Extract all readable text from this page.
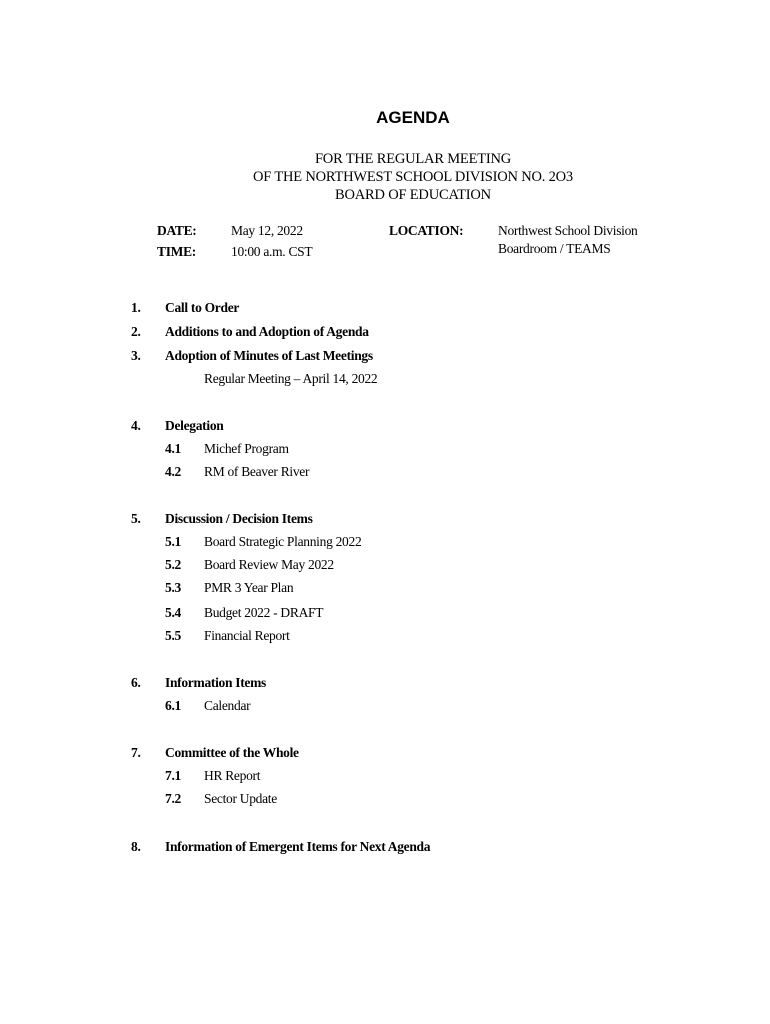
AGENDA
FOR THE REGULAR MEETING
OF THE NORTHWEST SCHOOL DIVISION NO. 2O3
BOARD OF EDUCATION
DATE:	May 12, 2022
TIME:	10:00 a.m. CST
LOCATION:	Northwest School Division
Boardroom / TEAMS
1. Call to Order
2. Additions to and Adoption of Agenda
3. Adoption of Minutes of Last Meetings
Regular Meeting – April 14, 2022
4. Delegation
4.1 Michef Program
4.2 RM of Beaver River
5. Discussion / Decision Items
5.1 Board Strategic Planning 2022
5.2 Board Review May 2022
5.3 PMR 3 Year Plan
5.4 Budget 2022 - DRAFT
5.5 Financial Report
6. Information Items
6.1 Calendar
7. Committee of the Whole
7.1 HR Report
7.2 Sector Update
8. Information of Emergent Items for Next Agenda
